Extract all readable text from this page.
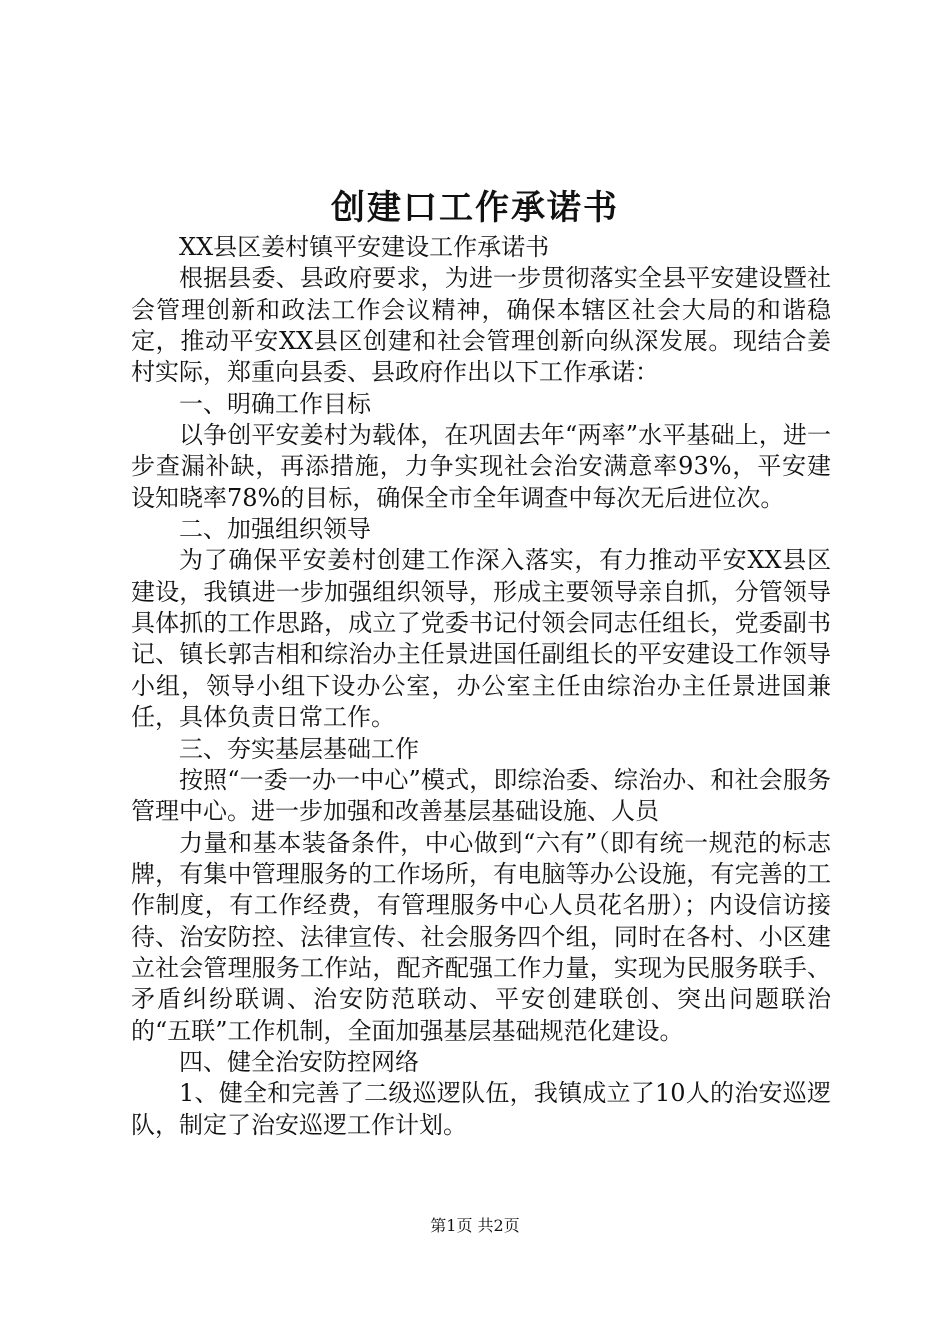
创建口工作承诺书

XX县区姜村镇平安建设工作承诺书

根据县委、县政府要求，为进一步贯彻落实全县平安建设暨社会管理创新和政法工作会议精神，确保本辖区社会大局的和谐稳定，推动平安XX县区创建和社会管理创新向纵深发展。现结合姜村实际，郑重向县委、县政府作出以下工作承诺：

一、明确工作目标

以争创平安姜村为载体，在巩固去年“两率”水平基础上，进一步查漏补缺，再添措施，力争实现社会治安满意率93%，平安建设知晓率78%的目标，确保全市全年调查中每次无后进位次。

二、加强组织领导

为了确保平安姜村创建工作深入落实，有力推动平安XX县区建设，我镇进一步加强组织领导，形成主要领导亲自抓，分管领导具体抓的工作思路，成立了党委书记付领会同志任组长，党委副书记、镇长郭吉相和综治办主任景进国任副组长的平安建设工作领导小组，领导小组下设办公室，办公室主任由综治办主任景进国兼任，具体负责日常工作。

三、夯实基层基础工作

按照“一委一办一中心”模式，即综治委、综治办、和社会服务管理中心。进一步加强和改善基层基础设施、人员

力量和基本装备条件，中心做到“六有”（即有统一规范的标志牌，有集中管理服务的工作场所，有电脑等办公设施，有完善的工作制度，有工作经费，有管理服务中心人员花名册）；内设信访接待、治安防控、法律宣传、社会服务四个组，同时在各村、小区建立社会管理服务工作站，配齐配强工作力量，实现为民服务联手、矛盾纠纷联调、治安防范联动、平安创建联创、突出问题联治的“五联”工作机制，全面加强基层基础规范化建设。

四、健全治安防控网络

1、健全和完善了二级巡逻队伍，我镇成立了10人的治安巡逻队，制定了治安巡逻工作计划。

第1页 共2页
